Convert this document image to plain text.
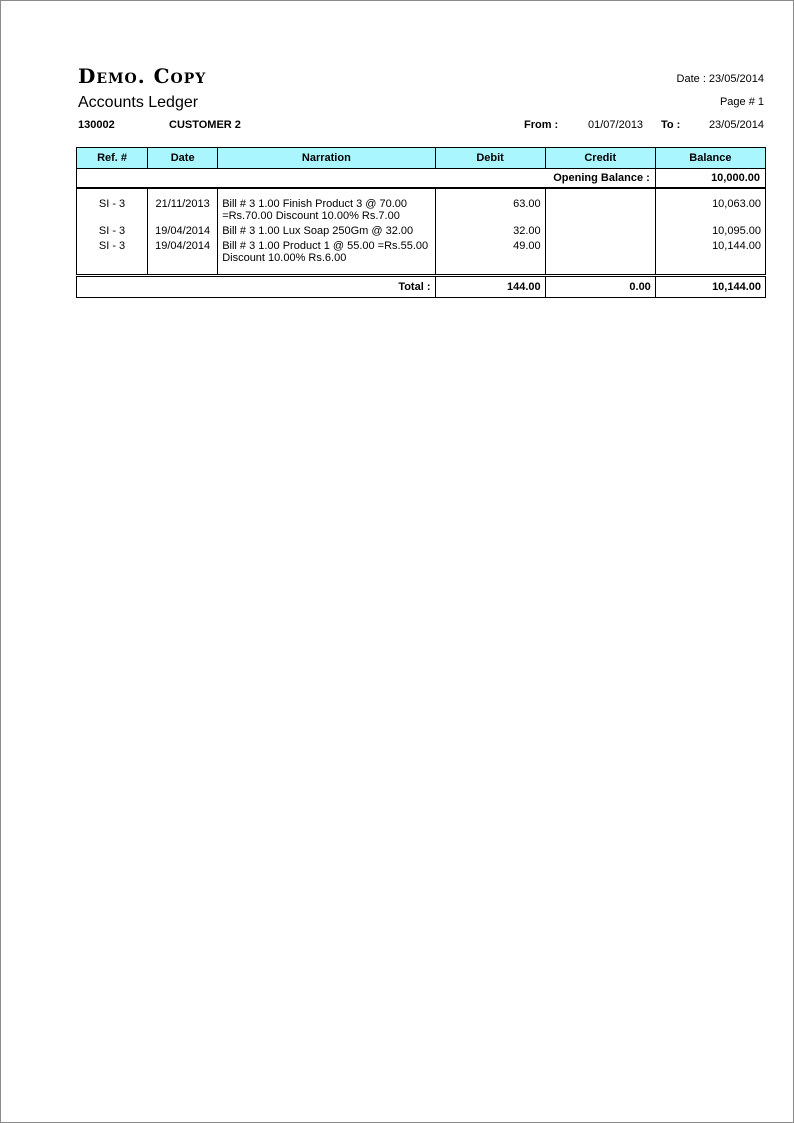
Demo. Copy
Accounts Ledger
Date : 23/05/2014
Page # 1
130002	CUSTOMER 2	From :	01/07/2013 To :	23/05/2014
Ref. #	Date	Narration	Debit	Credit	Balance
Opening Balance :					10,000.00

SI - 3	21/11/2013	Bill # 3 1.00 Finish Product 3 @ 70.00 =Rs.70.00 Discount 10.00% Rs.7.00	63.00		10,063.00
SI - 3	19/04/2014	Bill # 3 1.00 Lux Soap 250Gm @ 32.00	32.00		10,095.00
SI - 3	19/04/2014	Bill # 3 1.00 Product 1 @ 55.00 =Rs.55.00 Discount 10.00% Rs.6.00	49.00		10,144.00

Total :			144.00	0.00	10,144.00
